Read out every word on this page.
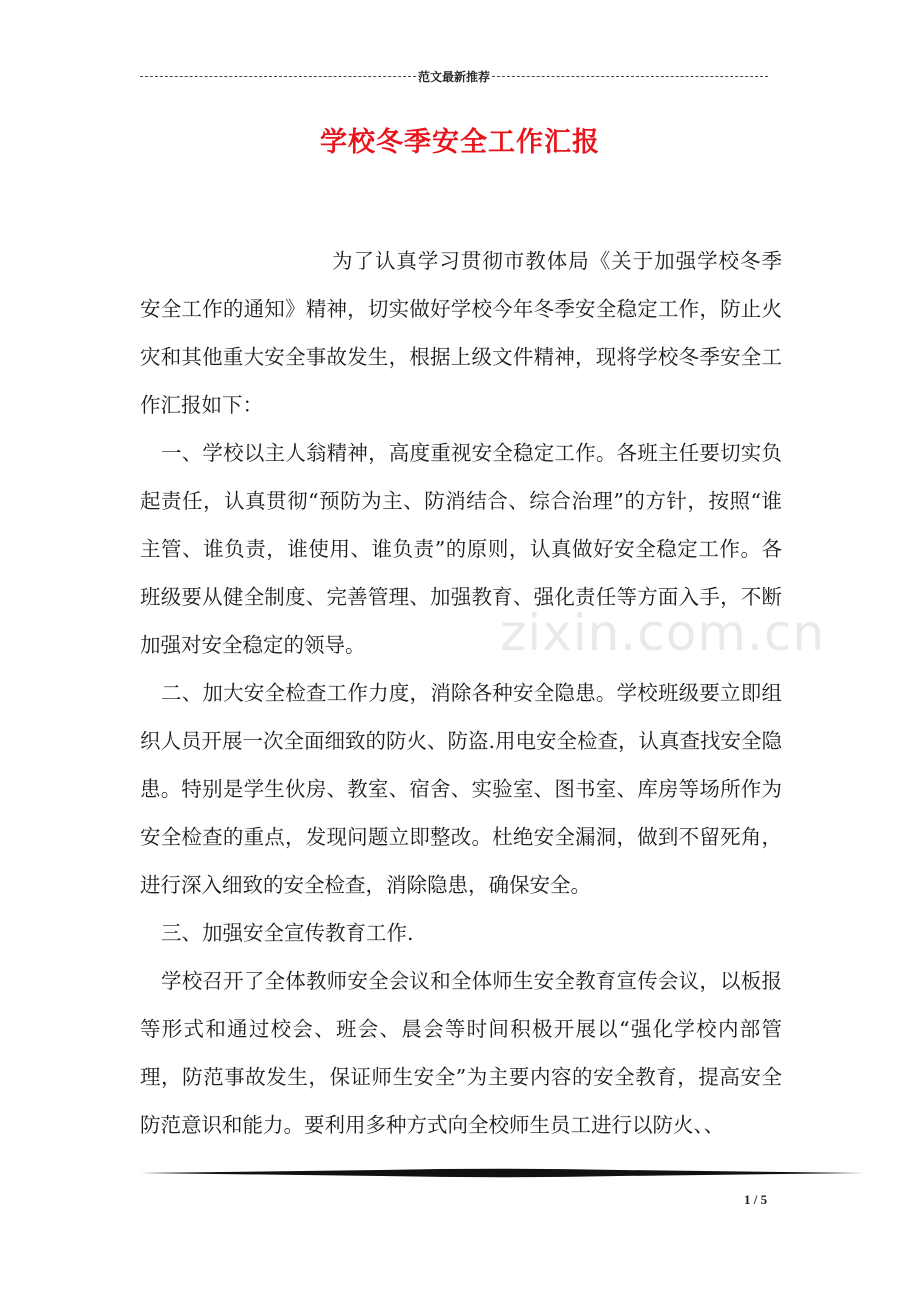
范文最新推荐
学校冬季安全工作汇报

为了认真学习贯彻市教体局《关于加强学校冬季安全工作的通知》精神，切实做好学校今年冬季安全稳定工作，防止火灾和其他重大安全事故发生，根据上级文件精神，现将学校冬季安全工作汇报如下：

一、学校以主人翁精神，高度重视安全稳定工作。各班主任要切实负起责任，认真贯彻“预防为主、防消结合、综合治理”的方针，按照“谁主管、谁负责，谁使用、谁负责”的原则，认真做好安全稳定工作。各班级要从健全制度、完善管理、加强教育、强化责任等方面入手，不断加强对安全稳定的领导。

二、加大安全检查工作力度，消除各种安全隐患。学校班级要立即组织人员开展一次全面细致的防火、防盗.用电安全检查，认真查找安全隐患。特别是学生伙房、教室、宿舍、实验室、图书室、库房等场所作为安全检查的重点，发现问题立即整改。杜绝安全漏洞，做到不留死角，进行深入细致的安全检查，消除隐患，确保安全。

三、加强安全宣传教育工作.

学校召开了全体教师安全会议和全体师生安全教育宣传会议，以板报等形式和通过校会、班会、晨会等时间积极开展以“强化学校内部管理，防范事故发生，保证师生安全”为主要内容的安全教育，提高安全防范意识和能力。要利用多种方式向全校师生员工进行以防火、、

zixin.com.cn
1 / 5
